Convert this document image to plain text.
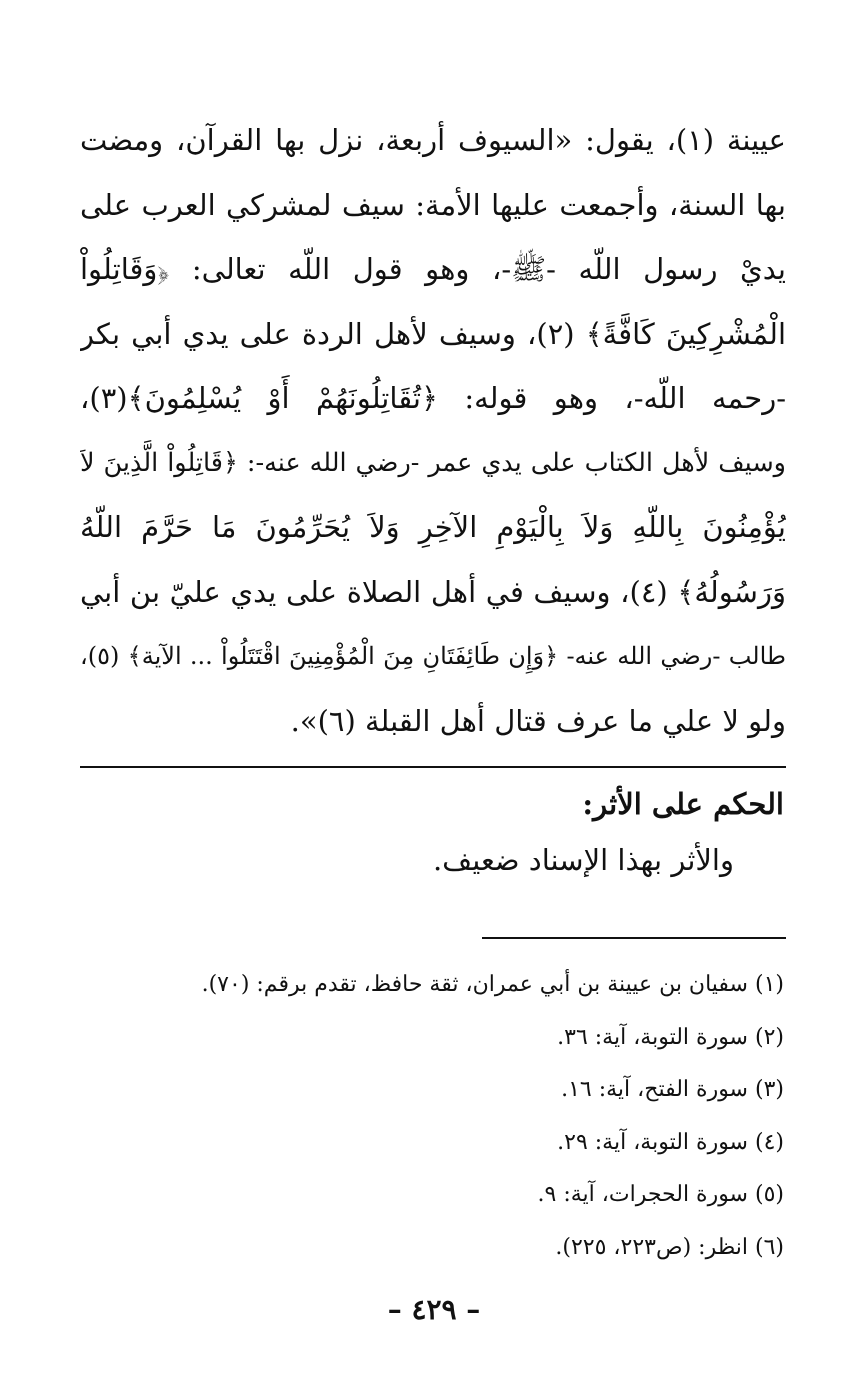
عيينة (١)، يقول: «السيوف أربعة، نزل بها القرآن، ومضت
بها السنة، وأجمعت عليها الأمة: سيف لمشركي العرب على
يديْ رسول اللّه -ﷺ-، وهو قول اللّه تعالى: ﴿وَقَاتِلُواْ
الْمُشْرِكِينَ كَافَّةً﴾ (٢)، وسيف لأهل الردة على يدي أبي بكر
-رحمه اللّه-، وهو قوله: ﴿تُقَاتِلُونَهُمْ أَوْ يُسْلِمُونَ﴾(٣)،
وسيف لأهل الكتاب على يدي عمر -رضي الله عنه-: ﴿قَاتِلُواْ الَّذِينَ لاَ
يُؤْمِنُونَ بِاللّهِ وَلاَ بِالْيَوْمِ الآخِرِ وَلاَ يُحَرِّمُونَ مَا حَرَّمَ اللّهُ
وَرَسُولُهُ﴾ (٤)، وسيف في أهل الصلاة على يدي عليّ بن أبي
طالب -رضي الله عنه- ﴿وَإِن طَائِفَتَانِ مِنَ الْمُؤْمِنِينَ اقْتَتَلُواْ ... الآية﴾ (٥)،
ولو لا علي ما عرف قتال أهل القبلة (٦)».
الحكم على الأثر:
والأثر بهذا الإسناد ضعيف.
(١) سفيان بن عيينة بن أبي عمران، ثقة حافظ، تقدم برقم: (٧٠).
(٢) سورة التوبة، آية: ٣٦.
(٣) سورة الفتح، آية: ١٦.
(٤) سورة التوبة، آية: ٢٩.
(٥) سورة الحجرات، آية: ٩.
(٦) انظر: (ص٢٢٣، ٢٢٥).
– ٤٢٩ –
